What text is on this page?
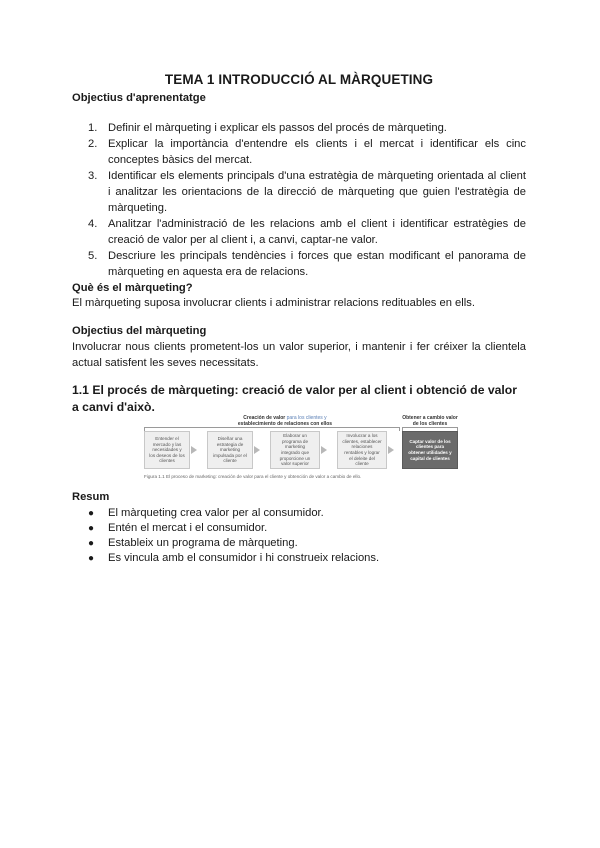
TEMA 1 INTRODUCCIÓ AL MÀRQUETING
Objectius d'aprenentatge
1. Definir el màrqueting i explicar els passos del procés de màrqueting.
2. Explicar la importància d'entendre els clients i el mercat i identificar els cinc conceptes bàsics del mercat.
3. Identificar els elements principals d'una estratègia de màrqueting orientada al client i analitzar les orientacions de la direcció de màrqueting que guien l'estratègia de màrqueting.
4. Analitzar l'administració de les relacions amb el client i identificar estratègies de creació de valor per al client i, a canvi, captar-ne valor.
5. Descriure les principals tendències i forces que estan modificant el panorama de màrqueting en aquesta era de relacions.
Què és el màrqueting?
El màrqueting suposa involucrar clients i administrar relacions redituables en ells.
Objectius del màrqueting
Involucrar nous clients prometent-los un valor superior, i mantenir i fer créixer la clientela actual satisfent les seves necessitats.
1.1 El procés de màrqueting: creació de valor per al client i obtenció de valor a canvi d'això.
Resum
● El màrqueting crea valor per al consumidor.
● Entén el mercat i el consumidor.
● Estableix un programa de màrqueting.
● Es vincula amb el consumidor i hi construeix relacions.
Creación de valor para los clientes y
establecimiento de relaciones con ellos
Obtener a cambio valor de los clientes
Entender el mercado y las necesidades y los deseos de los clientes
Diseñar una estrategia de marketing impulsada por el cliente
Elaborar un programa de marketing integrado que proporcione un valor superior
Involucrar a los clientes, establecer relaciones rentables y lograr el deleite del cliente
Captar valor de los clientes para obtener utilidades y capital de clientes
Figura 1.1 El proceso de marketing: creación de valor para el cliente y obtención de valor a cambio de ello.
